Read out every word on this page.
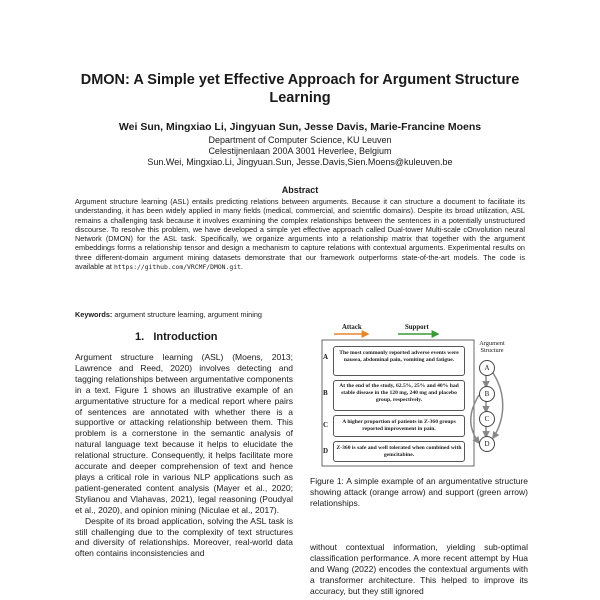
DMON: A Simple yet Effective Approach for Argument Structure Learning
Wei Sun, Mingxiao Li, Jingyuan Sun, Jesse Davis, Marie-Francine Moens
Department of Computer Science, KU Leuven
Celestijnenlaan 200A 3001 Heverlee, Belgium
Sun.Wei, Mingxiao.Li, Jingyuan.Sun, Jesse.Davis,Sien.Moens@kuleuven.be
Abstract
Argument structure learning (ASL) entails predicting relations between arguments. Because it can structure a document to facilitate its understanding, it has been widely applied in many fields (medical, commercial, and scientific domains). Despite its broad utilization, ASL remains a challenging task because it involves examining the complex relationships between the sentences in a potentially unstructured discourse. To resolve this problem, we have developed a simple yet effective approach called Dual-tower Multi-scale cOnvolution neural Network (DMON) for the ASL task. Specifically, we organize arguments into a relationship matrix that together with the argument embeddings forms a relationship tensor and design a mechanism to capture relations with contextual arguments. Experimental results on three different-domain argument mining datasets demonstrate that our framework outperforms state-of-the-art models. The code is available at https://github.com/VRCMF/DMON.git.
Keywords: argument structure learning, argument mining
1. Introduction

Argument structure learning (ASL) (Moens, 2013; Lawrence and Reed, 2020) involves detecting and tagging relationships between argumentative components in a text. Figure 1 shows an illustrative example of an argumentative structure for a medical report where pairs of sentences are annotated with whether there is a supportive or attacking relationship between them. This problem is a cornerstone in the semantic analysis of natural language text because it helps to elucidate the relational structure. Consequently, it helps facilitate more accurate and deeper comprehension of text and hence plays a critical role in various NLP applications such as patient-generated content analysis (Mayer et al., 2020; Stylianou and Vlahavas, 2021), legal reasoning (Poudyal et al., 2020), and opinion mining (Niculae et al., 2017).

Despite of its broad application, solving the ASL task is still challenging due to the complexity of text structures and diversity of relationships. Moreover, real-world data often contains inconsistencies and

Attack	Support
A	The most commonly reported adverse events were nausea, abdominal pain, vomiting and fatigue.
B
At the end of the study, 62.5%, 25% and 40% had stable disease in the 120 mg, 240 mg and placebo group, respectively.
C	A higher proportion of patients in Z-360 groups reported improvement in pain.
D	Z-360 is safe and well tolerated when combined with gemcitabine.
Argument Structure
A
B
C
D
Figure 1: A simple example of an argumentative structure showing attack (orange arrow) and support (green arrow) relationships.
without contextual information, yielding sub-optimal classification performance. A more recent attempt by Hua and Wang (2022) encodes the contextual arguments with a transformer architecture. This helped to improve its accuracy, but they still ignored
